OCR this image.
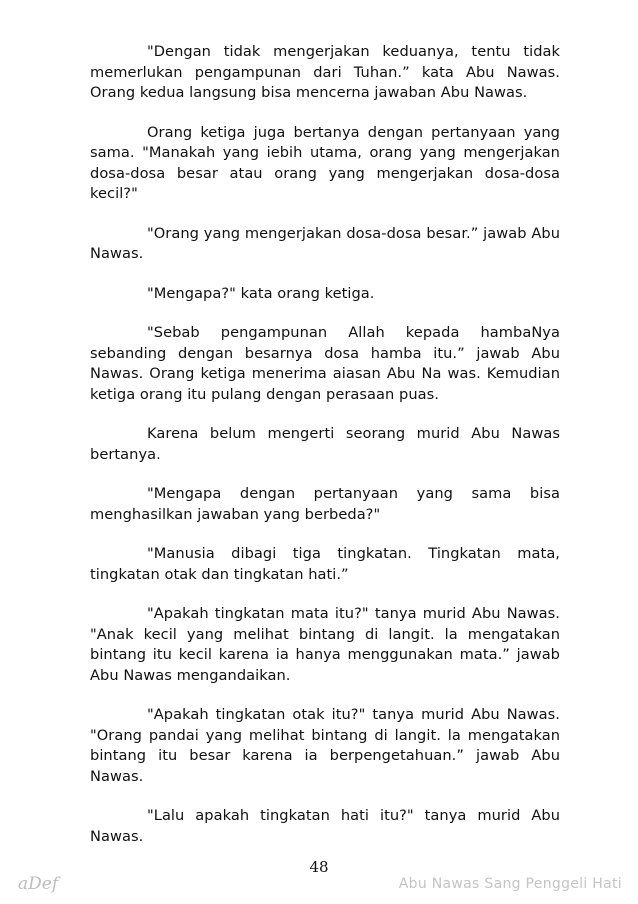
"Dengan tidak mengerjakan keduanya, tentu tidak memerlukan pengampunan dari Tuhan.” kata Abu Nawas. Orang kedua langsung bisa mencerna jawaban Abu Nawas.

Orang ketiga juga bertanya dengan pertanyaan yang sama. "Manakah yang iebih utama, orang yang mengerjakan dosa-dosa besar atau orang yang mengerjakan dosa-dosa kecil?"

"Orang yang mengerjakan dosa-dosa besar.” jawab Abu Nawas.

"Mengapa?" kata orang ketiga.

"Sebab pengampunan Allah kepada hambaNya sebanding dengan besarnya dosa hamba itu.” jawab Abu Nawas. Orang ketiga menerima aiasan Abu Na was. Kemudian ketiga orang itu pulang dengan perasaan puas.

Karena belum mengerti seorang murid Abu Nawas bertanya.

"Mengapa dengan pertanyaan yang sama bisa menghasilkan jawaban yang berbeda?"

"Manusia dibagi tiga tingkatan. Tingkatan mata, tingkatan otak dan tingkatan hati.”

"Apakah tingkatan mata itu?" tanya murid Abu Nawas. "Anak kecil yang melihat bintang di langit. la mengatakan bintang itu kecil karena ia hanya menggunakan mata.” jawab Abu Nawas mengandaikan.

"Apakah tingkatan otak itu?" tanya murid Abu Nawas. "Orang pandai yang melihat bintang di langit. la mengatakan bintang itu besar karena ia berpengetahuan.” jawab Abu Nawas.

"Lalu apakah tingkatan hati itu?" tanya murid Abu Nawas.

48
aDef	Abu Nawas Sang Penggeli Hati
